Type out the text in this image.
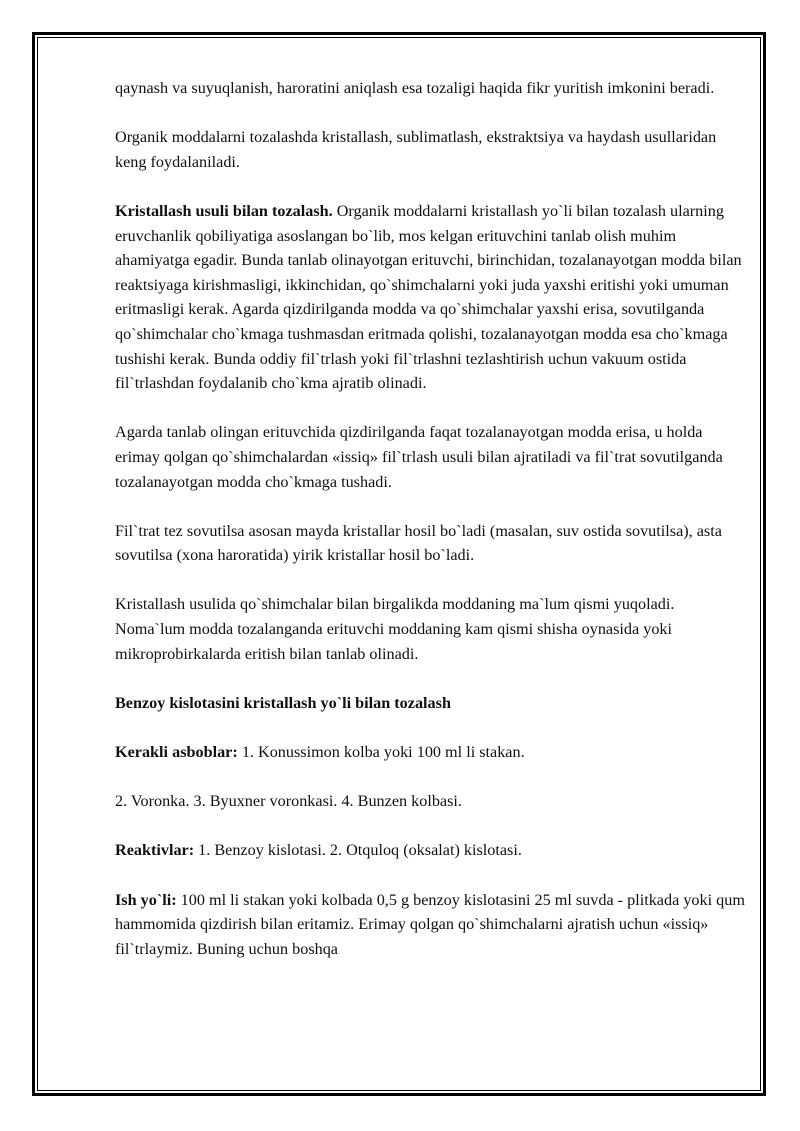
qaynash va suyuqlanish, haroratini aniqlash esa tozaligi haqida fikr yuritish imkonini beradi.

Organik moddalarni tozalashda kristallash, sublimatlash, ekstraktsiya va haydash usullaridan keng foydalaniladi.

Kristallash usuli bilan tozalash. Organik moddalarni kristallash yo`li bilan tozalash ularning eruvchanlik qobiliyatiga asoslangan bo`lib, mos kelgan erituvchini tanlab olish muhim ahamiyatga egadir. Bunda tanlab olinayotgan erituvchi, birinchidan, tozalanayotgan modda bilan reaktsiyaga kirishmasligi, ikkinchidan, qo`shimchalarni yoki juda yaxshi eritishi yoki umuman eritmasligi kerak. Agarda qizdirilganda modda va qo`shimchalar yaxshi erisa, sovutilganda qo`shimchalar cho`kmaga tushmasdan eritmada qolishi, tozalanayotgan modda esa cho`kmaga tushishi kerak. Bunda oddiy fil`trlash yoki fil`trlashni tezlashtirish uchun vakuum ostida fil`trlashdan foydalanib cho`kma ajratib olinadi.

Agarda tanlab olingan erituvchida qizdirilganda faqat tozalanayotgan modda erisa, u holda erimay qolgan qo`shimchalardan «issiq» fil`trlash usuli bilan ajratiladi va fil`trat sovutilganda tozalanayotgan modda cho`kmaga tushadi.

Fil`trat tez sovutilsa asosan mayda kristallar hosil bo`ladi (masalan, suv ostida sovutilsa), asta sovutilsa (xona haroratida) yirik kristallar hosil bo`ladi.

Kristallash usulida qo`shimchalar bilan birgalikda moddaning ma`lum qismi yuqoladi.

Noma`lum modda tozalanganda erituvchi moddaning kam qismi shisha oynasida yoki mikroprobirkalarda eritish bilan tanlab olinadi.

Benzoy kislotasini kristallash yo`li bilan tozalash

Kerakli asboblar: 1. Konussimon kolba yoki 100 ml li stakan.

2. Voronka. 3. Byuxner voronkasi. 4. Bunzen kolbasi.

Reaktivlar: 1. Benzoy kislotasi. 2. Otquloq (oksalat) kislotasi.

Ish yo`li: 100 ml li stakan yoki kolbada 0,5 g benzoy kislotasini 25 ml suvda - plitkada yoki qum hammomida qizdirish bilan eritamiz. Erimay qolgan qo`shimchalarni ajratish uchun «issiq» fil`trlaymiz. Buning uchun boshqa
